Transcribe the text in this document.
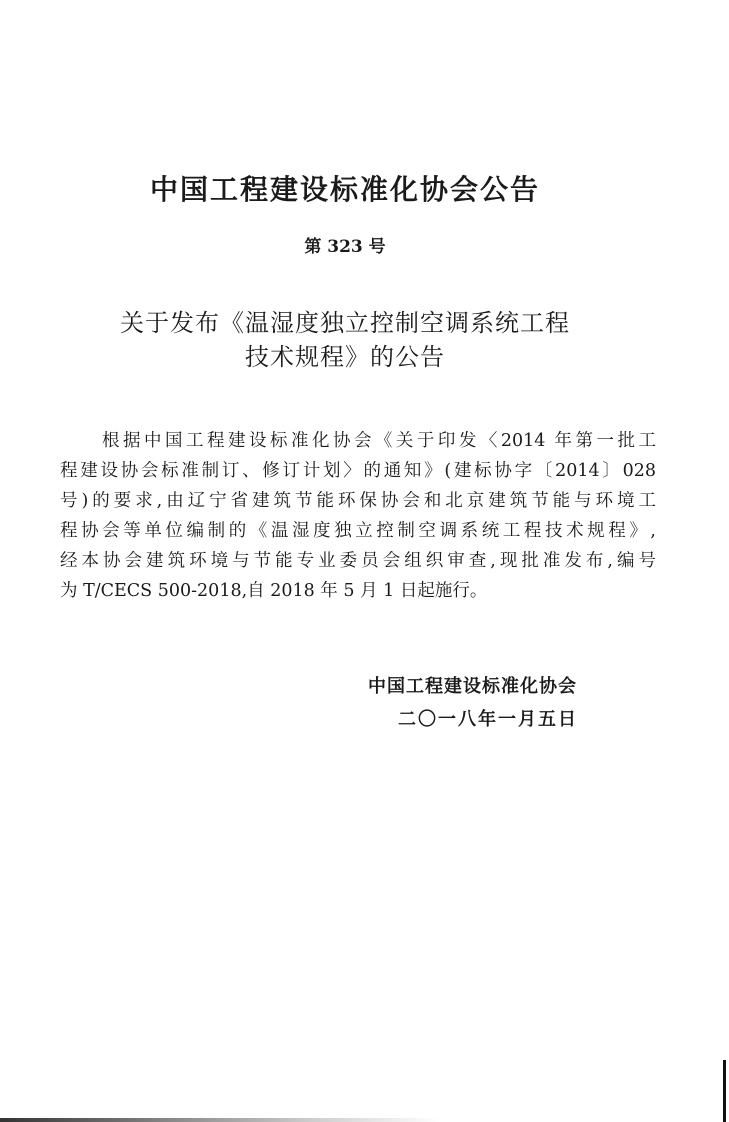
中国工程建设标准化协会公告
第 323 号
关于发布《温湿度独立控制空调系统工程
技术规程》的公告
　　根据中国工程建设标准化协会《关于印发〈2014 年第一批工
程建设协会标准制订、修订计划〉的通知》(建标协字〔2014〕028
号)的要求,由辽宁省建筑节能环保协会和北京建筑节能与环境工
程协会等单位编制的《温湿度独立控制空调系统工程技术规程》,
经本协会建筑环境与节能专业委员会组织审查,现批准发布,编号
为 T/CECS 500-2018,自 2018 年 5 月 1 日起施行。
中国工程建设标准化协会
二〇一八年一月五日
